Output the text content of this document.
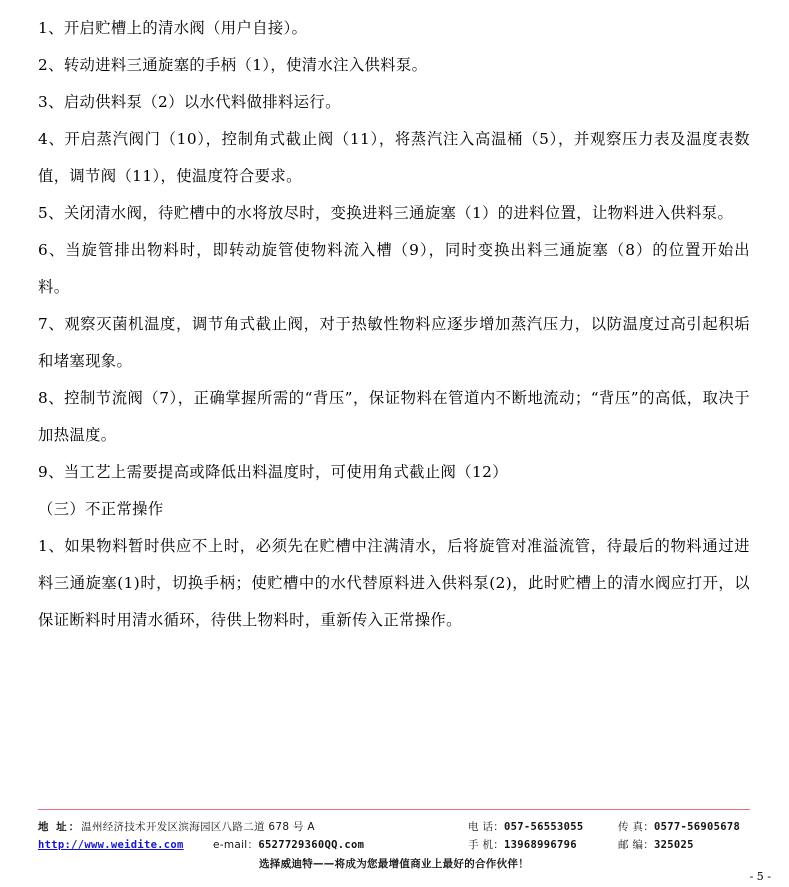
1、开启贮槽上的清水阀（用户自接）。

2、转动进料三通旋塞的手柄（1），使清水注入供料泵。

3、启动供料泵（2）以水代料做排料运行。

4、开启蒸汽阀门（10），控制角式截止阀（11），将蒸汽注入高温桶（5），并观察压力表及温度表数值，调节阀（11），使温度符合要求。

5、关闭清水阀，待贮槽中的水将放尽时，变换进料三通旋塞（1）的进料位置，让物料进入供料泵。

6、当旋管排出物料时，即转动旋管使物料流入槽（9），同时变换出料三通旋塞（8）的位置开始出料。

7、观察灭菌机温度，调节角式截止阀，对于热敏性物料应逐步增加蒸汽压力，以防温度过高引起积垢和堵塞现象。

8、控制节流阀（7），正确掌握所需的“背压”，保证物料在管道内不断地流动；“背压”的高低，取决于加热温度。

9、当工艺上需要提高或降低出料温度时，可使用角式截止阀（12）

（三）不正常操作

1、如果物料暂时供应不上时，必须先在贮槽中注满清水，后将旋管对准溢流管，待最后的物料通过进料三通旋塞(1)时，切换手柄；使贮槽中的水代替原料进入供料泵(2)，此时贮槽上的清水阀应打开，以保证断料时用清水循环，待供上物料时，重新传入正常操作。

地 址：温州经济技术开发区滨海园区八路二道 678 号 A	电 话：057-56553055	传 真：0577-56905678
http://www.weidite.com	e-mail：6527729360QQ.com	手 机：13968996796	邮 编：325025
选择威迪特——将成为您最增值商业上最好的合作伙伴！
- 5 -
